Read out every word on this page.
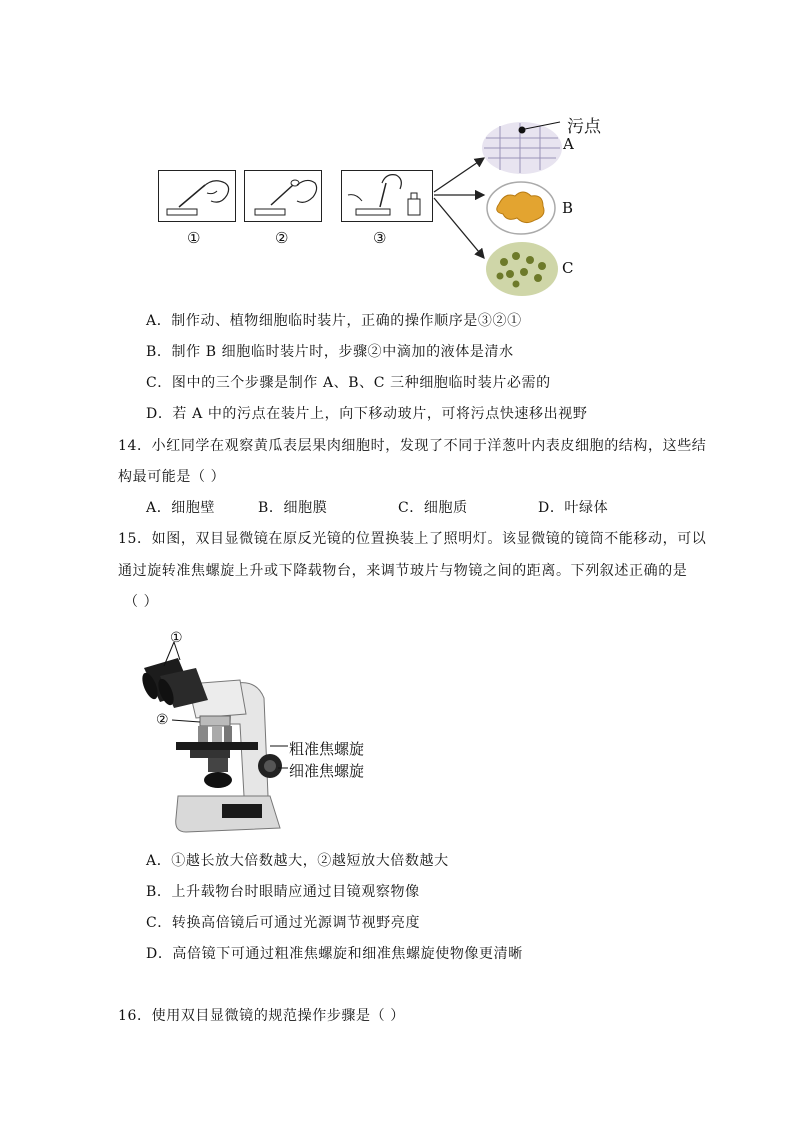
①	②	③
污点
A
B
C
A．制作动、植物细胞临时装片，正确的操作顺序是③②①
B．制作 B 细胞临时装片时，步骤②中滴加的液体是清水
C．图中的三个步骤是制作 A、B、C 三种细胞临时装片必需的
D．若 A 中的污点在装片上，向下移动玻片，可将污点快速移出视野
14．小红同学在观察黄瓜表层果肉细胞时，发现了不同于洋葱叶内表皮细胞的结构，这些结
构最可能是（ ）
A．细胞壁	B．细胞膜	C．细胞质	D．叶绿体
15．如图，双目显微镜在原反光镜的位置换装上了照明灯。该显微镜的镜筒不能移动，可以
通过旋转准焦螺旋上升或下降载物台，来调节玻片与物镜之间的距离。下列叙述正确的是
（ ）
①
②
粗准焦螺旋
细准焦螺旋
A．①越长放大倍数越大，②越短放大倍数越大
B．上升载物台时眼睛应通过目镜观察物像
C．转换高倍镜后可通过光源调节视野亮度
D．高倍镜下可通过粗准焦螺旋和细准焦螺旋使物像更清晰
16．使用双目显微镜的规范操作步骤是（ ）
